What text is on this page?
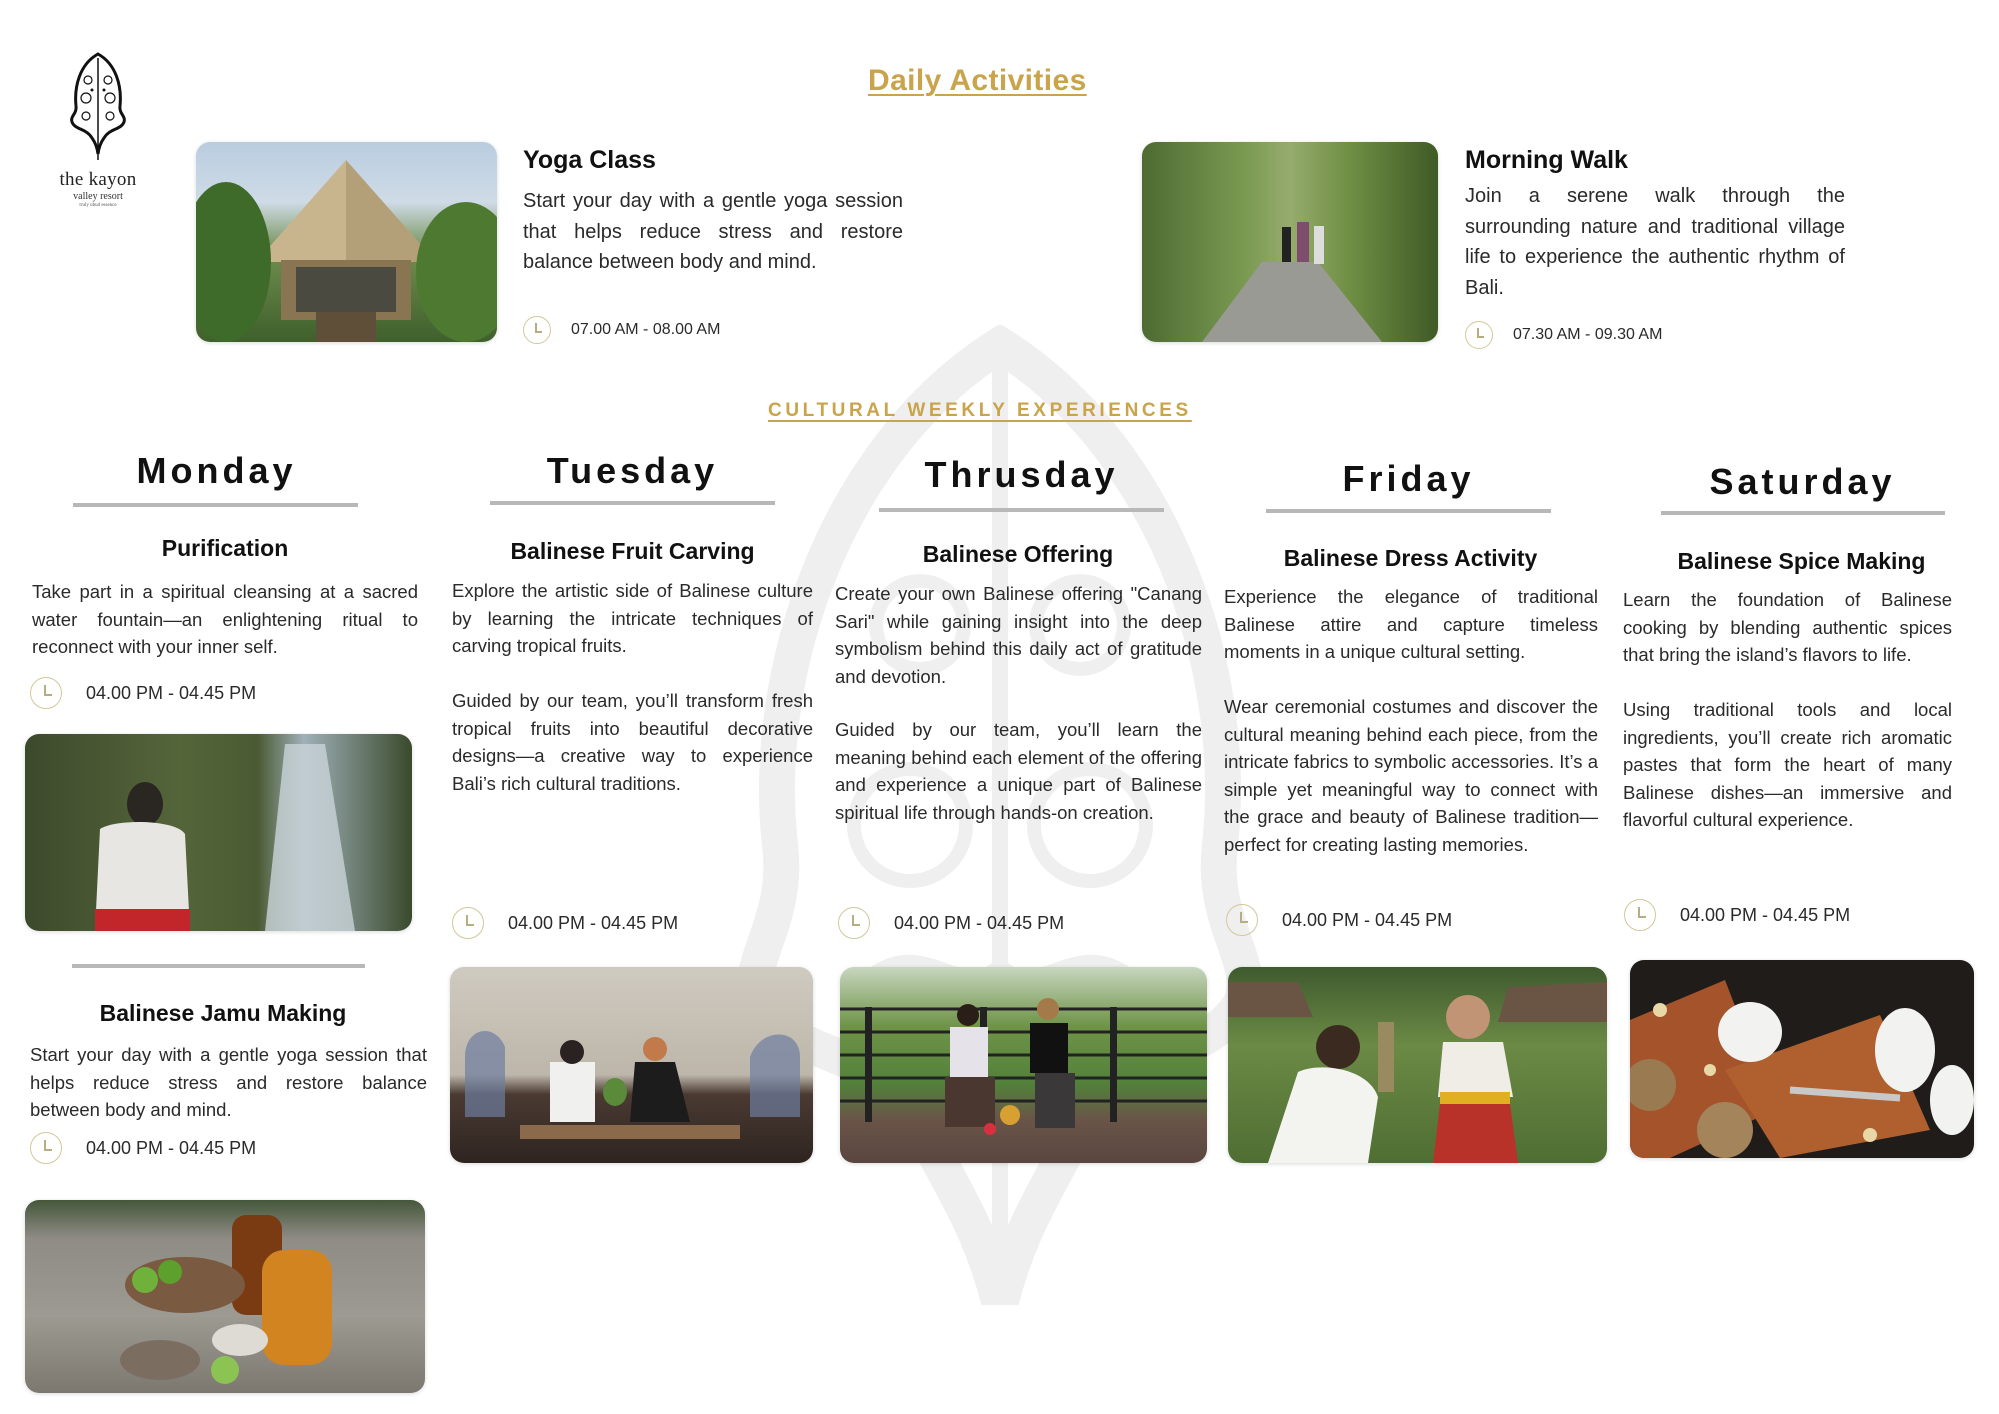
the kayon
valley resort
truly ubud essence
Daily Activities
Yoga Class
Start your day with a gentle yoga session that helps reduce stress and restore balance between body and mind.
07.00 AM - 08.00 AM
Morning Walk
Join a serene walk through the surrounding nature and traditional village life to experience the authentic rhythm of Bali.
07.30 AM - 09.30 AM
CULTURAL WEEKLY EXPERIENCES
Monday
Purification
Take part in a spiritual cleansing at a sacred water fountain—an enlightening ritual to reconnect with your inner self.
04.00 PM - 04.45 PM
Balinese Jamu Making
Start your day with a gentle yoga session that helps reduce stress and restore balance between body and mind.
04.00 PM - 04.45 PM
Tuesday
Balinese Fruit Carving
Explore the artistic side of Balinese culture by learning the intricate techniques of carving tropical fruits.
Guided by our team, you’ll transform fresh tropical fruits into beautiful decorative designs—a creative way to experience Bali’s rich cultural traditions.
04.00 PM - 04.45 PM
Thrusday
Balinese Offering
Create your own Balinese offering "Canang Sari" while gaining insight into the deep symbolism behind this daily act of gratitude and devotion.
Guided by our team, you’ll learn the meaning behind each element of the offering and experience a unique part of Balinese spiritual life through hands-on creation.
04.00 PM - 04.45 PM
Friday
Balinese Dress Activity
Experience the elegance of traditional Balinese attire and capture timeless moments in a unique cultural setting.
Wear ceremonial costumes and discover the cultural meaning behind each piece, from the intricate fabrics to symbolic accessories. It’s a simple yet meaningful way to connect with the grace and beauty of Balinese tradition—perfect for creating lasting memories.
04.00 PM - 04.45 PM
Saturday
Balinese Spice Making
Learn the foundation of Balinese cooking by blending authentic spices that bring the island’s flavors to life.
Using traditional tools and local ingredients, you’ll create rich aromatic pastes that form the heart of many Balinese dishes—an immersive and flavorful cultural experience.
04.00 PM - 04.45 PM
